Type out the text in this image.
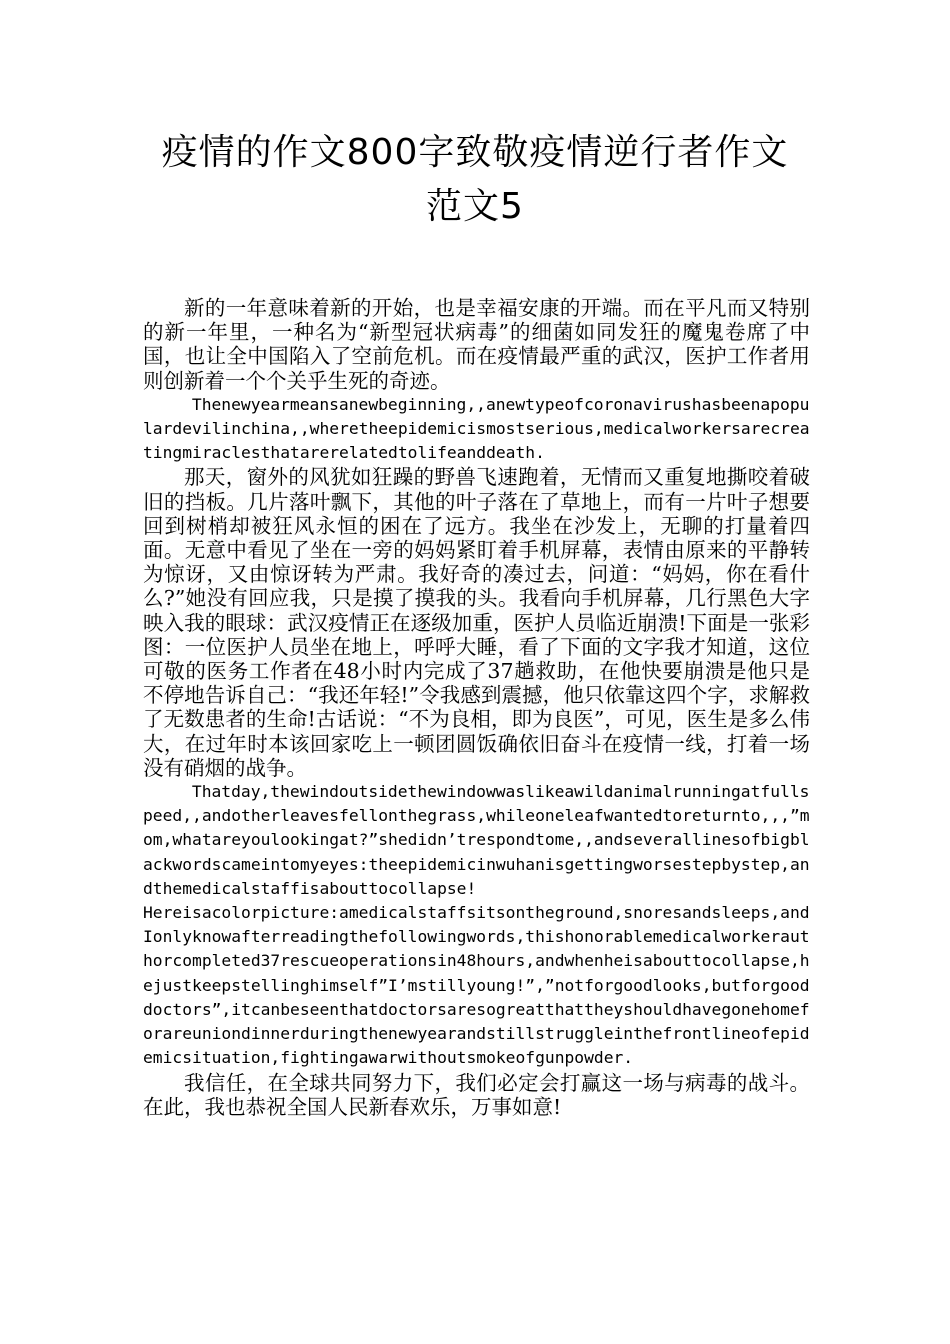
疫情的作文800字致敬疫情逆行者作文
范文5

新的一年意味着新的开始，也是幸福安康的开端。而在平凡而又特别的新一年里，一种名为“新型冠状病毒”的细菌如同发狂的魔鬼卷席了中国，也让全中国陷入了空前危机。而在疫情最严重的武汉，医护工作者用则创新着一个个关乎生死的奇迹。

Thenewyearmeansanewbeginning,,anewtypeofcoronavirushasbeenapopulardevilinchina,,wheretheepidemicismostserious,medicalworkersarecreatingmiraclesthatarerelatedtolifeanddeath.

那天，窗外的风犹如狂躁的野兽飞速跑着，无情而又重复地撕咬着破旧的挡板。几片落叶飘下，其他的叶子落在了草地上，而有一片叶子想要回到树梢却被狂风永恒的困在了远方。我坐在沙发上，无聊的打量着四面。无意中看见了坐在一旁的妈妈紧盯着手机屏幕，表情由原来的平静转为惊讶，又由惊讶转为严肃。我好奇的凑过去，问道：“妈妈，你在看什么?”她没有回应我，只是摸了摸我的头。我看向手机屏幕，几行黑色大字映入我的眼球：武汉疫情正在逐级加重，医护人员临近崩溃!下面是一张彩图：一位医护人员坐在地上，呼呼大睡，看了下面的文字我才知道，这位可敬的医务工作者在48小时内完成了37趟救助，在他快要崩溃是他只是不停地告诉自己：“我还年轻!”令我感到震撼，他只依靠这四个字，求解救了无数患者的生命!古话说：“不为良相，即为良医”，可见，医生是多么伟大，在过年时本该回家吃上一顿团圆饭确依旧奋斗在疫情一线，打着一场没有硝烟的战争。

Thatday,thewindoutsidethewindowwaslikeawildanimalrunningatfullspeed,,andotherleavesfellonthegrass,whileoneleafwantedtoreturnto,,,”mom,whatareyoulookingat?”shedidn’trespondtome,,andseverallinesofbigblackwordscameintomyeyes:theepidemicinwuhanisgettingworsestepbystep,andthemedicalstaffisabouttocollapse!

Hereisacolorpicture:amedicalstaffsitsontheground,snoresandsleeps,andIonlyknowafterreadingthefollowingwords,thishonorablemedicalworkerauthorcompleted37rescueoperationsin48hours,andwhenheisabouttocollapse,hejustkeepstellinghimself”I’mstillyoung!”,”notforgoodlooks,butforgooddoctors”,itcanbeseenthatdoctorsaresogreatthattheyshouldhavegonehomeforareuniondinnerduringthenewyearandstillstruggleinthefrontlineofepidemicsituation,fightingawarwithoutsmokeofgunpowder.

我信任，在全球共同努力下，我们必定会打赢这一场与病毒的战斗。在此，我也恭祝全国人民新春欢乐，万事如意!
